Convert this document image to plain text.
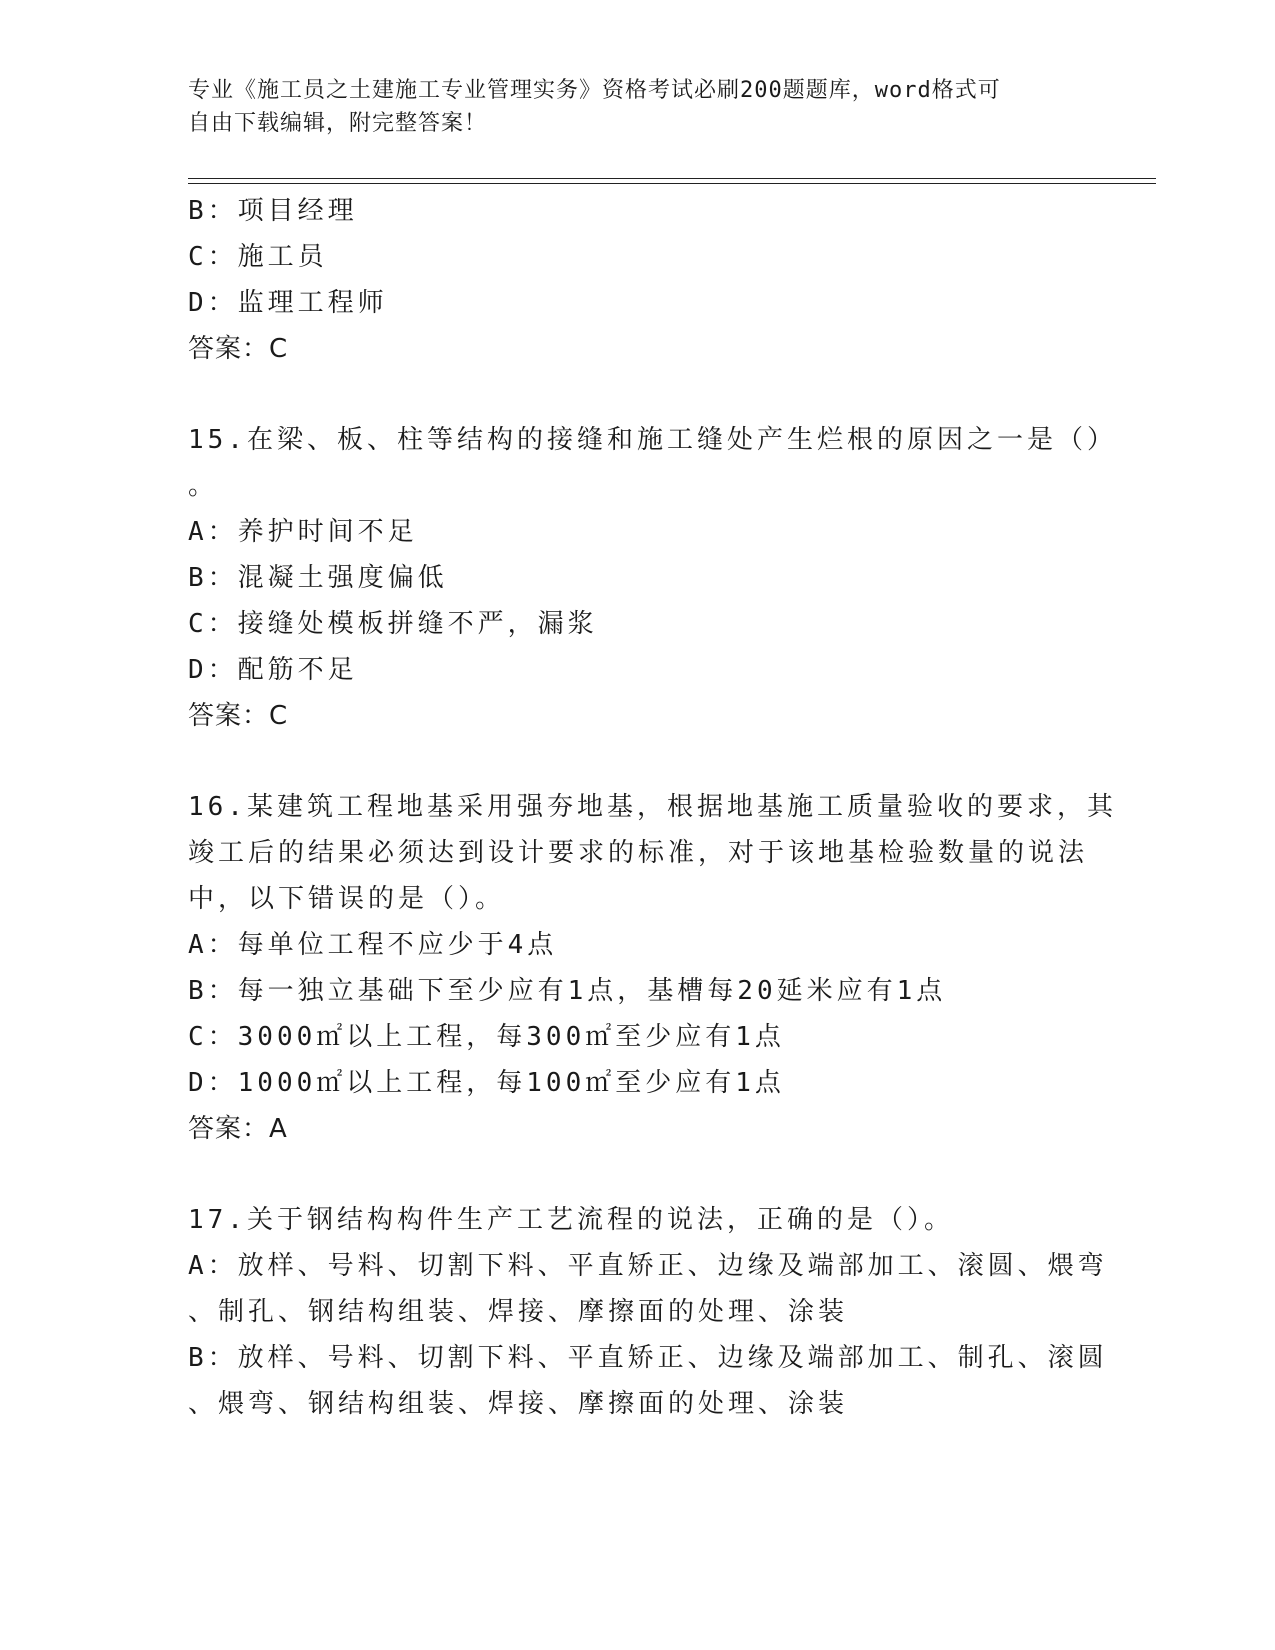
专业《施工员之土建施工专业管理实务》资格考试必刷200题题库，word格式可
自由下载编辑，附完整答案！
B：项目经理
C：施工员
D：监理工程师
答案：C
15.在梁、板、柱等结构的接缝和施工缝处产生烂根的原因之一是（）
。
A：养护时间不足
B：混凝土强度偏低
C：接缝处模板拼缝不严，漏浆
D：配筋不足
答案：C
16.某建筑工程地基采用强夯地基，根据地基施工质量验收的要求，其
竣工后的结果必须达到设计要求的标准，对于该地基检验数量的说法
中，以下错误的是（）。
A：每单位工程不应少于4点
B：每一独立基础下至少应有1点，基槽每20延米应有1点
C：3000㎡以上工程，每300㎡至少应有1点
D：1000㎡以上工程，每100㎡至少应有1点
答案：A
17.关于钢结构构件生产工艺流程的说法，正确的是（）。
A：放样、号料、切割下料、平直矫正、边缘及端部加工、滚圆、煨弯
、制孔、钢结构组装、焊接、摩擦面的处理、涂装
B：放样、号料、切割下料、平直矫正、边缘及端部加工、制孔、滚圆
、煨弯、钢结构组装、焊接、摩擦面的处理、涂装
